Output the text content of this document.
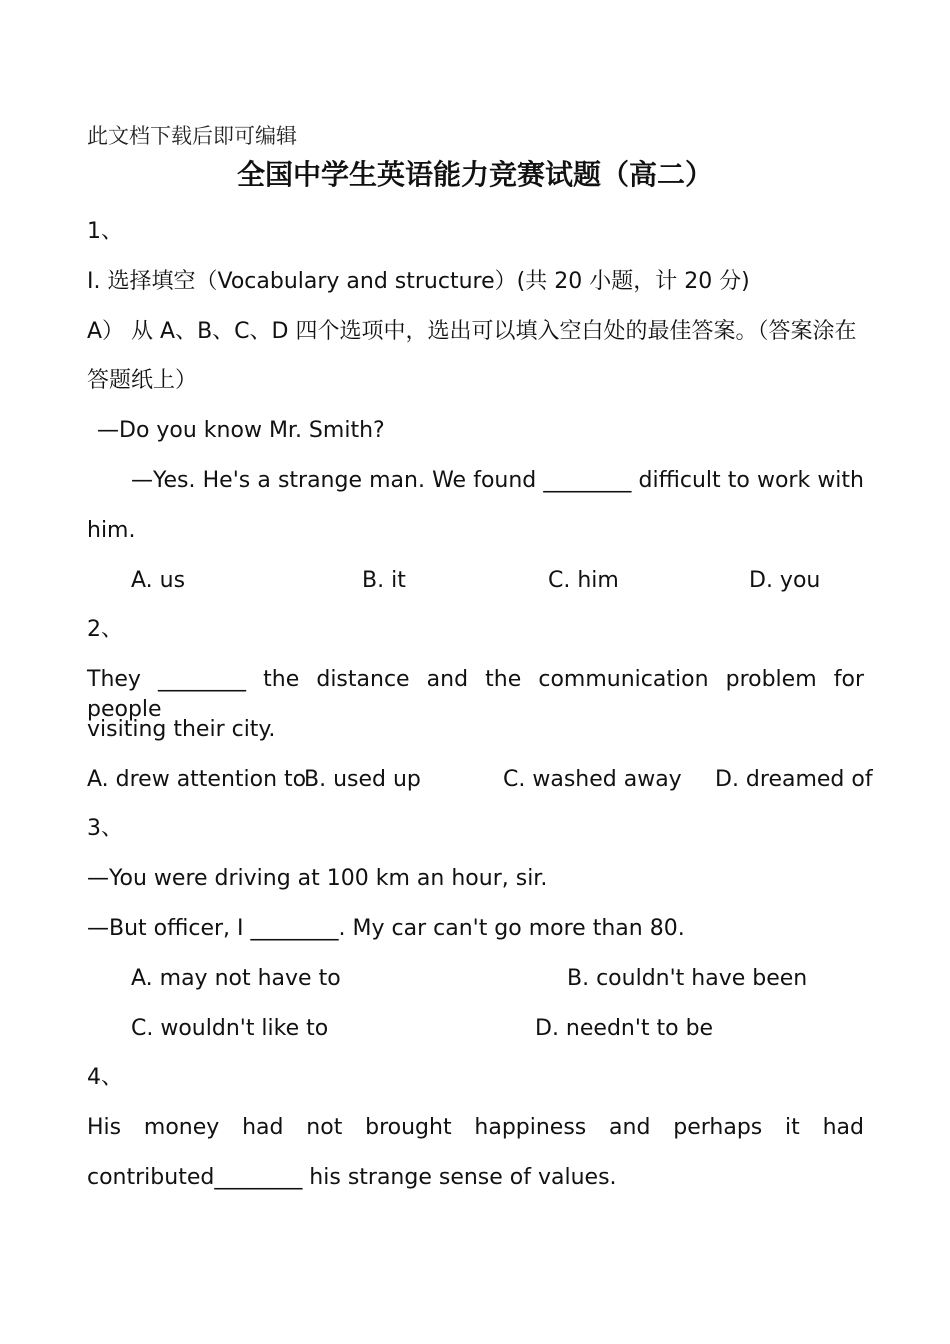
此文档下载后即可编辑
全国中学生英语能力竞赛试题（高二）
1、
I. 选择填空（Vocabulary and structure）(共 20 小题，计 20 分)
A） 从 A、B、C、D 四个选项中，选出可以填入空白处的最佳答案。（答案涂在
答题纸上）
—Do you know Mr. Smith?
—Yes. He's a strange man. We found ________ difficult to work with
him.
A. us	B. it	C. him	D. you
2、
They ________ the distance and the communication problem for people
visiting their city.
A. drew attention to
B. used up	C. washed away D. dreamed of
3、
—You were driving at 100 km an hour, sir.
—But officer, I ________. My car can't go more than 80.
A. may not have to	B. couldn't have been
C. wouldn't like to	D. needn't to be
4、
His money had not brought happiness and perhaps it had
contributed________ his strange sense of values.
